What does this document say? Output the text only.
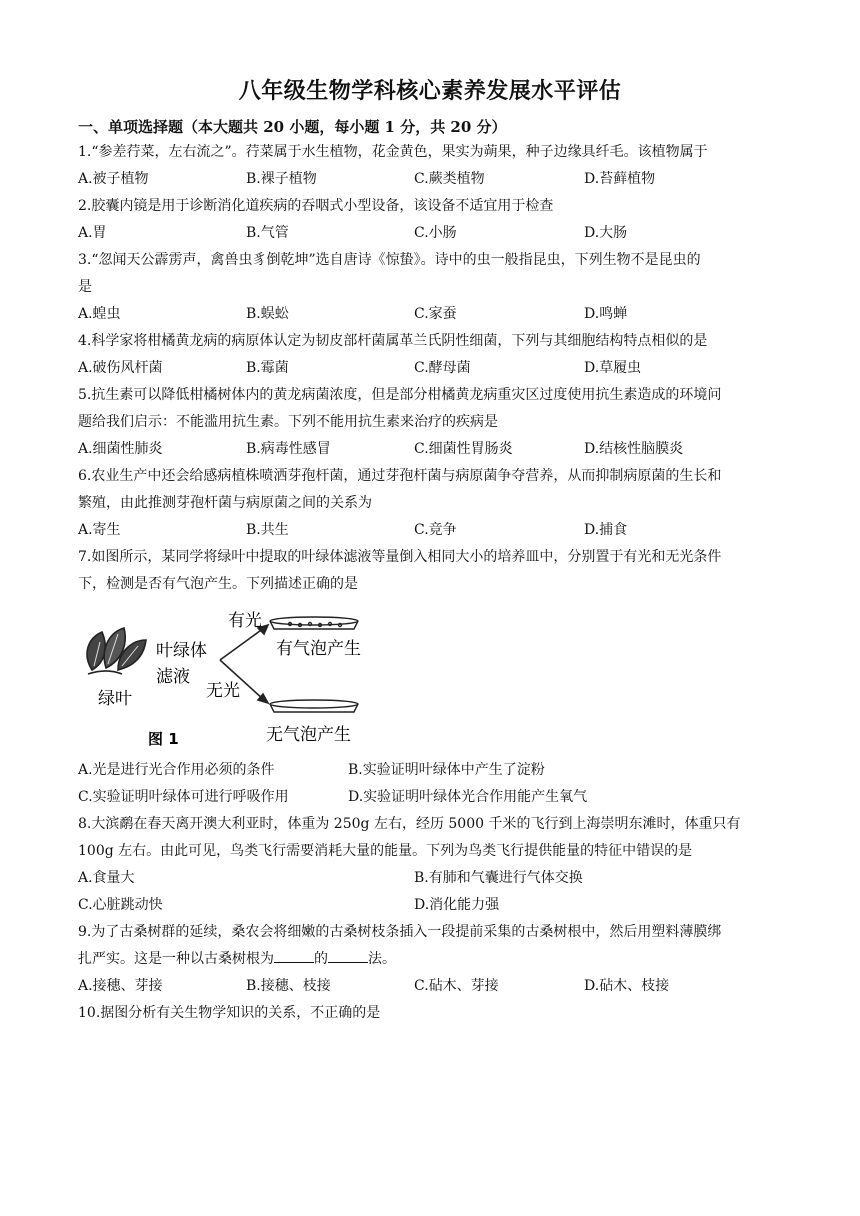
八年级生物学科核心素养发展水平评估
一、单项选择题（本大题共 20 小题，每小题 1 分，共 20 分）
1.“参差荇菜，左右流之”。荇菜属于水生植物，花金黄色，果实为蒴果，种子边缘具纤毛。该植物属于
A.被子植物	B.裸子植物	C.蕨类植物	D.苔藓植物
2.胶囊内镜是用于诊断消化道疾病的吞咽式小型设备，该设备不适宜用于检查
A.胃	B.气管	C.小肠	D.大肠
3.“忽闻天公霹雳声，禽兽虫豸倒乾坤”选自唐诗《惊蛰》。诗中的虫一般指昆虫，下列生物不是昆虫的
是
A.蝗虫	B.蜈蚣	C.家蚕	D.鸣蝉
4.科学家将柑橘黄龙病的病原体认定为韧皮部杆菌属革兰氏阴性细菌，下列与其细胞结构特点相似的是
A.破伤风杆菌	B.霉菌	C.酵母菌	D.草履虫
5.抗生素可以降低柑橘树体内的黄龙病菌浓度，但是部分柑橘黄龙病重灾区过度使用抗生素造成的环境问
题给我们启示：不能滥用抗生素。下列不能用抗生素来治疗的疾病是
A.细菌性肺炎	B.病毒性感冒	C.细菌性胃肠炎	D.结核性脑膜炎
6.农业生产中还会给感病植株喷洒芽孢杆菌，通过芽孢杆菌与病原菌争夺营养，从而抑制病原菌的生长和
繁殖，由此推测芽孢杆菌与病原菌之间的关系为
A.寄生	B.共生	C.竞争	D.捕食
7.如图所示，某同学将绿叶中提取的叶绿体滤液等量倒入相同大小的培养皿中，分别置于有光和无光条件
下，检测是否有气泡产生。下列描述正确的是
绿叶
叶绿体
滤液
有光
无光
有气泡产生
无气泡产生
图 1
A.光是进行光合作用必须的条件	B.实验证明叶绿体中产生了淀粉
C.实验证明叶绿体可进行呼吸作用	D.实验证明叶绿体光合作用能产生氧气
8.大滨鹬在春天离开澳大利亚时，体重为 250g 左右，经历 5000 千米的飞行到上海崇明东滩时，体重只有
100g 左右。由此可见，鸟类飞行需要消耗大量的能量。下列为鸟类飞行提供能量的特征中错误的是
A.食量大	B.有肺和气囊进行气体交换
C.心脏跳动快	D.消化能力强
9.为了古桑树群的延续，桑农会将细嫩的古桑树枝条插入一段提前采集的古桑树根中，然后用塑料薄膜绑
扎严实。这是一种以古桑树根为	的	法。
A.接穗、芽接	B.接穗、枝接	C.砧木、芽接	D.砧木、枝接
10.据图分析有关生物学知识的关系，不正确的是
